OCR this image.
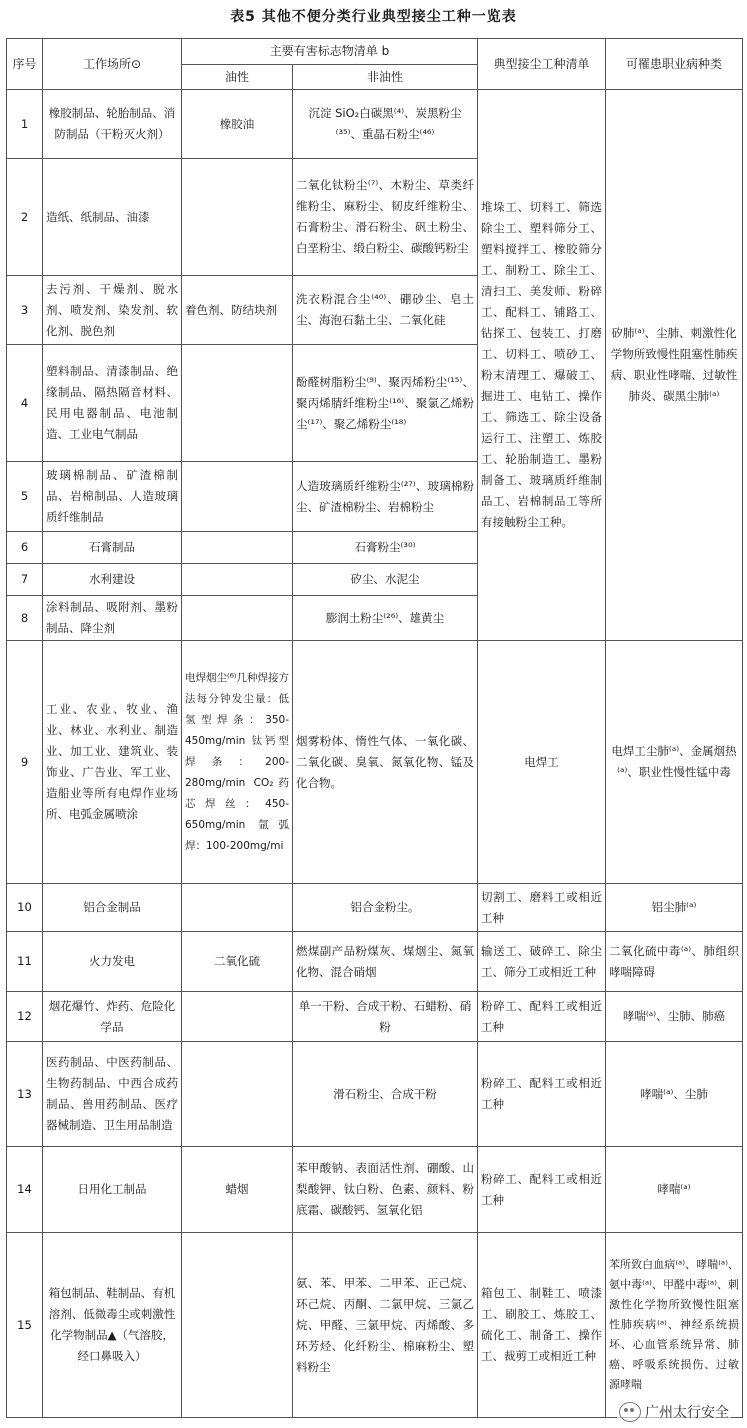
表5 其他不便分类行业典型接尘工种一览表
序号	工作场所⊙	主要有害标志物清单 b		典型接尘工种清单	可罹患职业病种类
		油性	非油性		
1	橡胶制品、轮胎制品、消防制品（干粉灭火剂）	橡胶油	沉淀 SiO₂白碳黑⁽⁴⁾、炭黑粉尘⁽³⁵⁾、重晶石粉尘⁽⁴⁶⁾	堆垛工、切料工、筛选除尘工、塑料筛分工、塑料搅拌工、橡胶筛分工、制粉工、除尘工、清扫工、美发师、粉碎工、配料工、铺路工、钻探工、包装工、打磨工、切料工、喷砂工、粉末清理工、爆破工、掘进工、电钻工、操作工、筛选工、除尘设备运行工、注塑工、炼胶工、轮胎制造工、墨粉制备工、玻璃质纤维制品工、岩棉制品工等所有接触粉尘工种。	矽肺⁽ᵃ⁾、尘肺、刺激性化学物所致慢性阻塞性肺疾病、职业性哮喘、过敏性肺炎、碳黑尘肺⁽ᵃ⁾
2	造纸、纸制品、油漆		二氧化钛粉尘⁽⁷⁾、木粉尘、草类纤维粉尘、麻粉尘、韧皮纤维粉尘、石膏粉尘、滑石粉尘、矾土粉尘、白垩粉尘、缎白粉尘、碳酸钙粉尘		
3	去污剂、干燥剂、脱水剂、喷发剂、染发剂、软化剂、脱色剂	着色剂、防结块剂	洗衣粉混合尘⁽⁴⁰⁾、硼砂尘、皂土尘、海泡石黏土尘、二氧化硅		
4	塑料制品、清漆制品、绝缘制品、隔热隔音材料、民用电器制品、电池制造、工业电气制品		酚醛树脂粉尘⁽⁹⁾、聚丙烯粉尘⁽¹⁵⁾、聚丙烯腈纤维粉尘⁽¹⁶⁾、聚氯乙烯粉尘⁽¹⁷⁾、聚乙烯粉尘⁽¹⁸⁾		
5	玻璃棉制品、矿渣棉制品、岩棉制品、人造玻璃质纤维制品		人造玻璃质纤维粉尘⁽²⁷⁾、玻璃棉粉尘、矿渣棉粉尘、岩棉粉尘		
6	石膏制品		石膏粉尘⁽³⁰⁾		
7	水利建设		矽尘、水泥尘		
8	涂料制品、吸附剂、墨粉制品、降尘剂		膨润土粉尘⁽²⁶⁾、雄黄尘		
9	工业、农业、牧业、渔业、林业、水利业、制造业、加工业、建筑业、装饰业、广告业、军工业、造船业等所有电焊作业场所、电弧金属喷涂	电焊烟尘⁽⁶⁾几种焊接方法每分钟发尘量：低氢型焊条：350-450mg/min 钛钙型焊条：200-280mg/min CO₂药芯焊丝：450-650mg/min 氩弧焊：100-200mg/mi	烟雾粉体、惰性气体、一氧化碳、二氧化碳、臭氧、氮氧化物、锰及化合物。	电焊工	电焊工尘肺⁽ᵃ⁾、金属烟热⁽ᵃ⁾、职业性慢性锰中毒
10	铝合金制品		铝合金粉尘。	切割工、磨料工或相近工种	铝尘肺⁽ᵃ⁾
11	火力发电	二氧化硫	燃煤副产品粉煤灰、煤烟尘、氮氧化物、混合硝烟	输送工、破碎工、除尘工、筛分工或相近工种	二氧化硫中毒⁽ᵃ⁾、肺组织哮喘障碍
12	烟花爆竹、炸药、危险化学品		单一干粉、合成干粉、石蜡粉、硝粉	粉碎工、配料工或相近工种	哮喘⁽ᵃ⁾、尘肺、肺癌
13	医药制品、中医药制品、生物药制品、中西合成药制品、兽用药制品、医疗器械制造、卫生用品制造		滑石粉尘、合成干粉	粉碎工、配料工或相近工种	哮喘⁽ᵃ⁾、尘肺
14	日用化工制品	蜡烟	苯甲酸钠、表面活性剂、硼酸、山梨酸钾、钛白粉、色素、颜料、粉底霜、碳酸钙、氢氧化铝	粉碎工、配料工或相近工种	哮喘⁽ᵃ⁾
15	箱包制品、鞋制品、有机溶剂、低微毒尘或刺激性化学物制品▲（气溶胶，经口鼻吸入）		氨、苯、甲苯、二甲苯、正己烷、环己烷、丙酮、二氯甲烷、三氯乙烷、甲醛、三氯甲烷、丙烯酸、多环芳烃、化纤粉尘、棉麻粉尘、塑料粉尘	箱包工、制鞋工、喷漆工、刷胶工、炼胶工、硫化工、制备工、操作工、裁剪工或相近工种	苯所致白血病⁽ᵃ⁾、哮喘⁽ᵃ⁾、氨中毒⁽ᵃ⁾、甲醛中毒⁽ᵃ⁾、刺激性化学物所致慢性阻塞性肺疾病⁽ᵃ⁾、神经系统损坏、心血管系统异常、肺癌、呼吸系统损伤、过敏源哮喘
广州太行安全
